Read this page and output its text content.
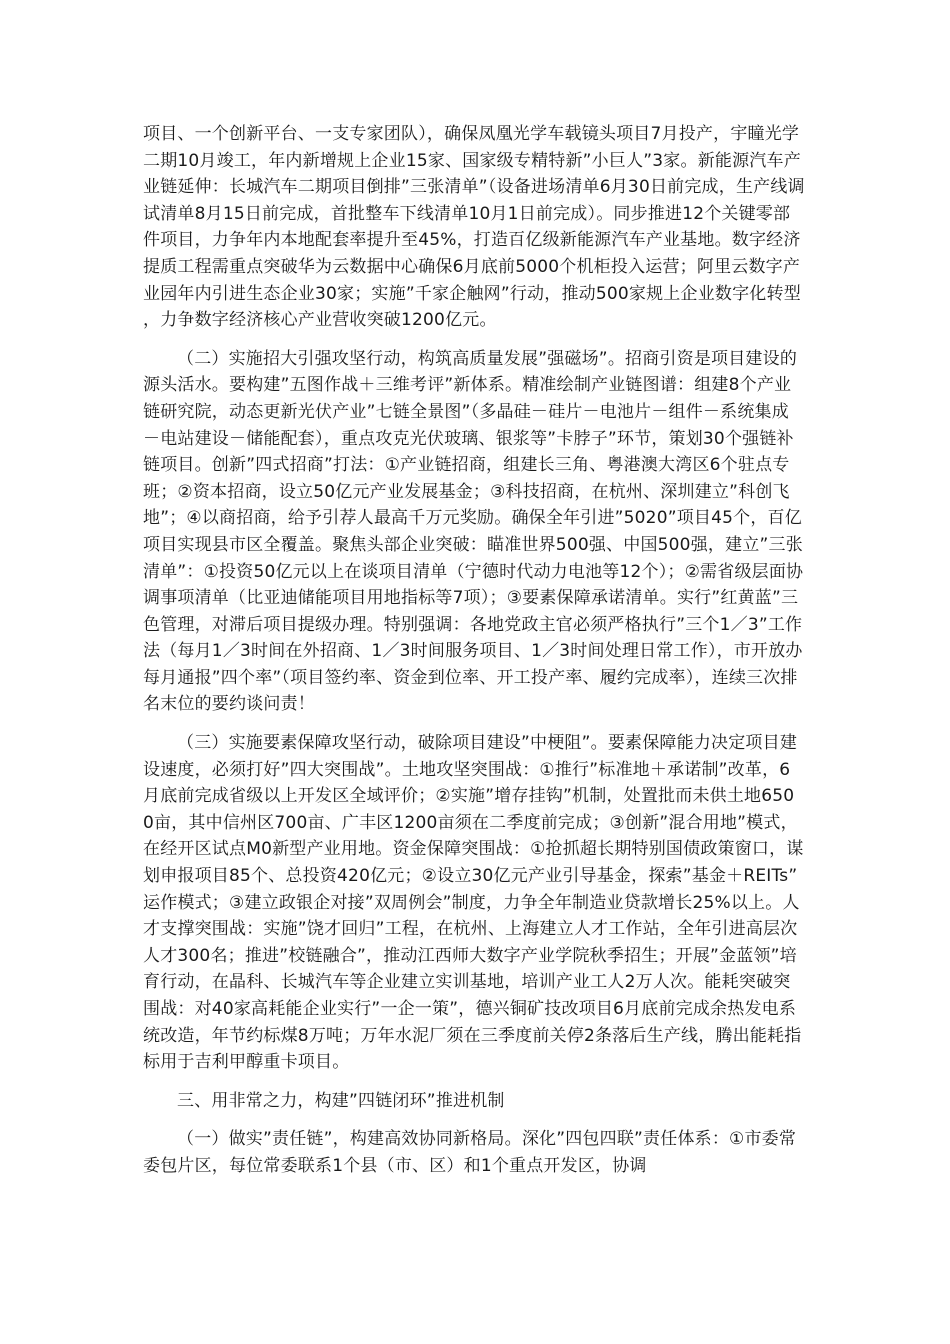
项目、一个创新平台、一支专家团队），确保凤凰光学车载镜头项目7月投产，宇瞳光学二期10月竣工，年内新增规上企业15家、国家级专精特新”小巨人”3家。新能源汽车产业链延伸：长城汽车二期项目倒排”三张清单”（设备进场清单6月30日前完成，生产线调试清单8月15日前完成，首批整车下线清单10月1日前完成）。同步推进12个关键零部件项目，力争年内本地配套率提升至45%，打造百亿级新能源汽车产业基地。数字经济提质工程需重点突破华为云数据中心确保6月底前5000个机柜投入运营；阿里云数字产业园年内引进生态企业30家；实施”千家企触网”行动，推动500家规上企业数字化转型，力争数字经济核心产业营收突破1200亿元。

（二）实施招大引强攻坚行动，构筑高质量发展”强磁场”。招商引资是项目建设的源头活水。要构建”五图作战＋三维考评”新体系。精准绘制产业链图谱：组建8个产业链研究院，动态更新光伏产业”七链全景图”（多晶硅－硅片－电池片－组件－系统集成－电站建设－储能配套），重点攻克光伏玻璃、银浆等”卡脖子”环节，策划30个强链补链项目。创新”四式招商”打法：①产业链招商，组建长三角、粤港澳大湾区6个驻点专班；②资本招商，设立50亿元产业发展基金；③科技招商，在杭州、深圳建立”科创飞地”；④以商招商，给予引荐人最高千万元奖励。确保全年引进”5020”项目45个，百亿项目实现县市区全覆盖。聚焦头部企业突破：瞄准世界500强、中国500强，建立”三张清单”：①投资50亿元以上在谈项目清单（宁德时代动力电池等12个）；②需省级层面协调事项清单（比亚迪储能项目用地指标等7项）；③要素保障承诺清单。实行”红黄蓝”三色管理，对滞后项目提级办理。特别强调：各地党政主官必须严格执行”三个1／3”工作法（每月1／3时间在外招商、1／3时间服务项目、1／3时间处理日常工作），市开放办每月通报”四个率”（项目签约率、资金到位率、开工投产率、履约完成率），连续三次排名末位的要约谈问责！

（三）实施要素保障攻坚行动，破除项目建设”中梗阻”。要素保障能力决定项目建设速度，必须打好”四大突围战”。土地攻坚突围战：①推行”标准地＋承诺制”改革，6月底前完成省级以上开发区全域评价；②实施”增存挂钩”机制，处置批而未供土地6500亩，其中信州区700亩、广丰区1200亩须在二季度前完成；③创新”混合用地”模式，在经开区试点M0新型产业用地。资金保障突围战：①抢抓超长期特别国债政策窗口，谋划申报项目85个、总投资420亿元；②设立30亿元产业引导基金，探索”基金＋REITs”运作模式；③建立政银企对接”双周例会”制度，力争全年制造业贷款增长25%以上。人才支撑突围战：实施”饶才回归”工程，在杭州、上海建立人才工作站，全年引进高层次人才300名；推进”校链融合”，推动江西师大数字产业学院秋季招生；开展”金蓝领”培育行动，在晶科、长城汽车等企业建立实训基地，培训产业工人2万人次。能耗突破突围战：对40家高耗能企业实行”一企一策”，德兴铜矿技改项目6月底前完成余热发电系统改造，年节约标煤8万吨；万年水泥厂须在三季度前关停2条落后生产线，腾出能耗指标用于吉利甲醇重卡项目。

三、用非常之力，构建”四链闭环”推进机制

（一）做实”责任链”，构建高效协同新格局。深化”四包四联”责任体系：①市委常委包片区，每位常委联系1个县（市、区）和1个重点开发区，协调
